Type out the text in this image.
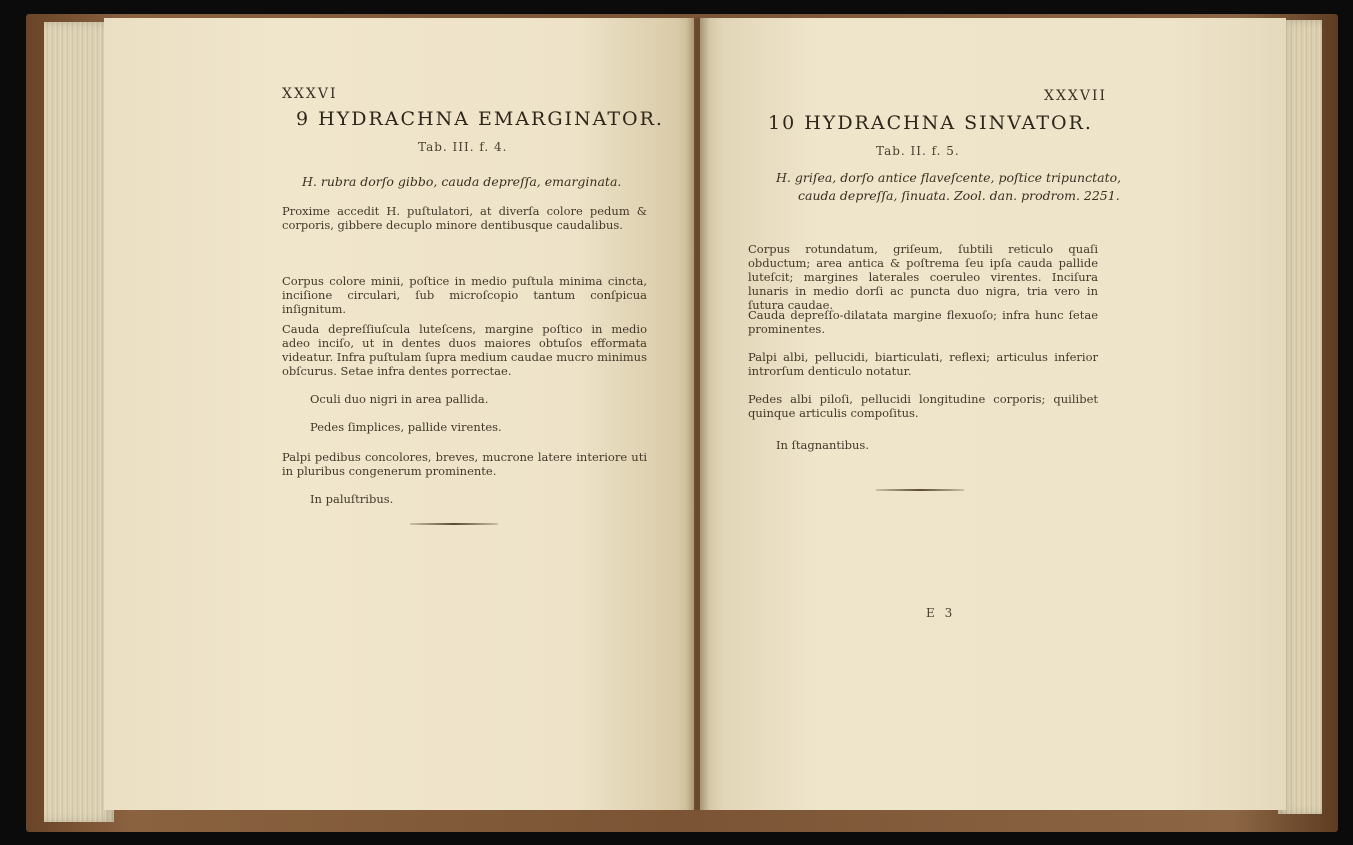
XXXVI
9 HYDRACHNA EMARGINATOR.
Tab. III. f. 4.
H. rubra dorſo gibbo, cauda depreſſa, emarginata.
Proxime accedit H. puſtulatori, at diverſa colore pedum & corporis, gibbere decuplo minore dentibusque caudalibus.
Corpus colore minii, poſtice in medio puſtula minima cincta, inciſione circulari, ſub microſcopio tantum conſpicua inſignitum.
Cauda depreſſiuſcula luteſcens, margine poſtico in medio adeo inciſo, ut in dentes duos maiores obtuſos efformata videatur. Infra puſtulam ſupra medium caudae mucro minimus obſcurus. Setae infra dentes porrectae.
Oculi duo nigri in area pallida.
Pedes ſimplices, pallide virentes.
Palpi pedibus concolores, breves, mucrone latere interiore uti in pluribus congenerum prominente.
In paluſtribus.
XXXVII
10 HYDRACHNA SINVATOR.
Tab. II. f. 5.
H. griſea, dorſo antice flaveſcente, poſtice tripunctato,
cauda depreſſa, ſinuata. Zool. dan. prodrom. 2251.
Corpus rotundatum, griſeum, ſubtili reticulo quaſi obductum; area antica & poſtrema ſeu ipſa cauda pallide luteſcit; margines laterales coeruleo virentes. Inciſura lunaris in medio dorſi ac puncta duo nigra, tria vero in ſutura caudae.
Cauda depreſſo-dilatata margine flexuoſo; infra hunc ſetae prominentes.
Palpi albi, pellucidi, biarticulati, reflexi; articulus inferior introrſum denticulo notatur.
Pedes albi piloſi, pellucidi longitudine corporis; quilibet quinque articulis compoſitus.
In ſtagnantibus.
E 3
